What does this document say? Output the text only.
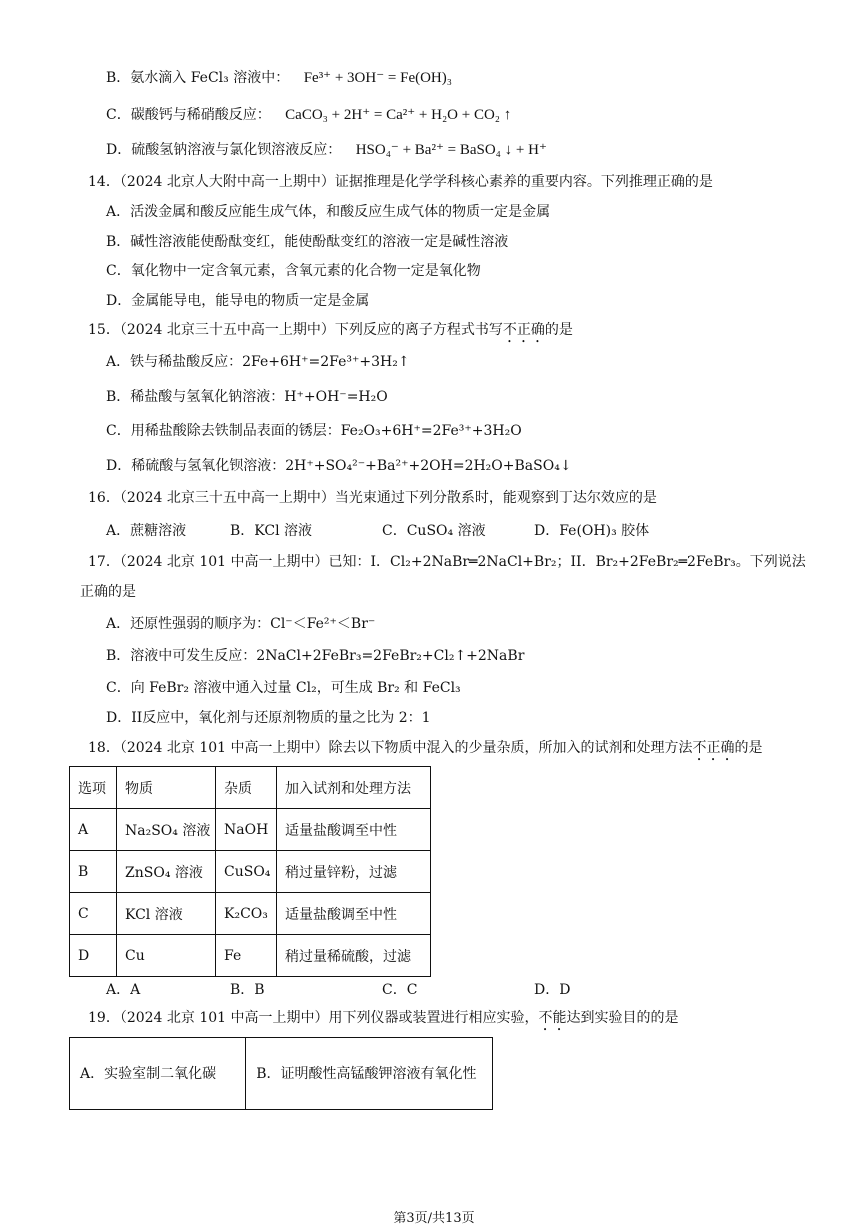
B．氨水滴入 FeCl₃ 溶液中： Fe³⁺ + 3OH⁻ = Fe(OH)₃
C．碳酸钙与稀硝酸反应： CaCO₃ + 2H⁺ = Ca²⁺ + H₂O + CO₂ ↑
D．硫酸氢钠溶液与氯化钡溶液反应： HSO₄⁻ + Ba²⁺ = BaSO₄ ↓ + H⁺
14．（2024 北京人大附中高一上期中）证据推理是化学学科核心素养的重要内容。下列推理正确的是
A．活泼金属和酸反应能生成气体，和酸反应生成气体的物质一定是金属
B．碱性溶液能使酚酞变红，能使酚酞变红的溶液一定是碱性溶液
C．氧化物中一定含氧元素，含氧元素的化合物一定是氧化物
D．金属能导电，能导电的物质一定是金属
15．（2024 北京三十五中高一上期中）下列反应的离子方程式书写不正确的是
A．铁与稀盐酸反应：2Fe+6H⁺=2Fe³⁺+3H₂↑
B．稀盐酸与氢氧化钠溶液：H⁺+OH⁻=H₂O
C．用稀盐酸除去铁制品表面的锈层：Fe₂O₃+6H⁺=2Fe³⁺+3H₂O
D．稀硫酸与氢氧化钡溶液：2H⁺+SO₄²⁻+Ba²⁺+2OH=2H₂O+BaSO₄↓
16．（2024 北京三十五中高一上期中）当光束通过下列分散系时，能观察到丁达尔效应的是
A．蔗糖溶液	B．KCl 溶液	C．CuSO₄ 溶液	D．Fe(OH)₃ 胶体
17．（2024 北京 101 中高一上期中）已知：I．Cl₂+2NaBr═2NaCl+Br₂；II．Br₂+2FeBr₂═2FeBr₃。下列说法
正确的是
A．还原性强弱的顺序为：Cl⁻＜Fe²⁺＜Br⁻
B．溶液中可发生反应：2NaCl+2FeBr₃=2FeBr₂+Cl₂↑+2NaBr
C．向 FeBr₂ 溶液中通入过量 Cl₂，可生成 Br₂ 和 FeCl₃
D．II反应中，氧化剂与还原剂物质的量之比为 2：1
18．（2024 北京 101 中高一上期中）除去以下物质中混入的少量杂质，所加入的试剂和处理方法不正确的是
选项	物质	杂质	加入试剂和处理方法
A	Na₂SO₄ 溶液	NaOH	适量盐酸调至中性
B	ZnSO₄ 溶液	CuSO₄	稍过量锌粉，过滤
C	KCl 溶液	K₂CO₃	适量盐酸调至中性
D	Cu	Fe	稍过量稀硫酸，过滤
A．A	B．B	C．C	D．D
19．（2024 北京 101 中高一上期中）用下列仪器或装置进行相应实验，不能达到实验目的的是
A．实验室制二氧化碳	B．证明酸性高锰酸钾溶液有氧化性
第3页/共13页
